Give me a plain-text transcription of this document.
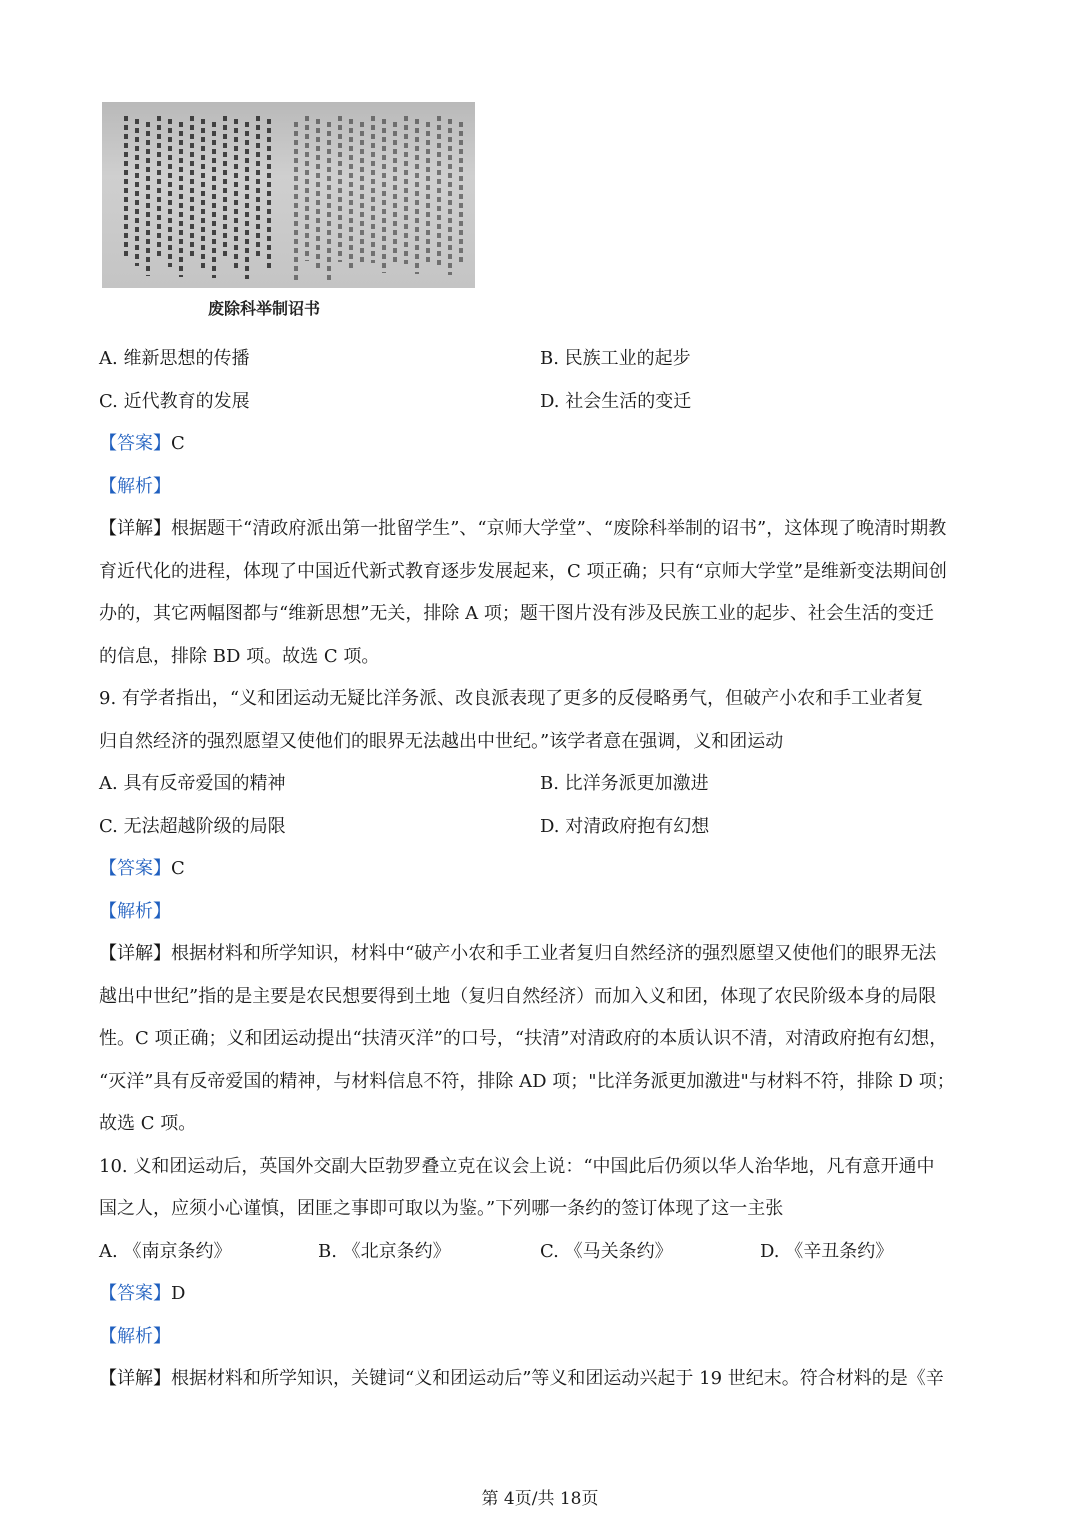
废除科举制诏书
A. 维新思想的传播	B. 民族工业的起步
C. 近代教育的发展	D. 社会生活的变迁
【答案】C
【解析】
【详解】根据题干“清政府派出第一批留学生”、“京师大学堂”、“废除科举制的诏书”，这体现了晚清时期教
育近代化的进程，体现了中国近代新式教育逐步发展起来，C 项正确；只有“京师大学堂”是维新变法期间创
办的，其它两幅图都与“维新思想”无关，排除 A 项；题干图片没有涉及民族工业的起步、社会生活的变迁
的信息，排除 BD 项。故选 C 项。
9. 有学者指出，“义和团运动无疑比洋务派、改良派表现了更多的反侵略勇气，但破产小农和手工业者复
归自然经济的强烈愿望又使他们的眼界无法越出中世纪。”该学者意在强调，义和团运动
A. 具有反帝爱国的精神	B. 比洋务派更加激进
C. 无法超越阶级的局限	D. 对清政府抱有幻想
【答案】C
【解析】
【详解】根据材料和所学知识，材料中“破产小农和手工业者复归自然经济的强烈愿望又使他们的眼界无法
越出中世纪”指的是主要是农民想要得到土地（复归自然经济）而加入义和团，体现了农民阶级本身的局限
性。C 项正确；义和团运动提出“扶清灭洋”的口号，“扶清”对清政府的本质认识不清，对清政府抱有幻想，
“灭洋”具有反帝爱国的精神，与材料信息不符，排除 AD 项；"比洋务派更加激进"与材料不符，排除 D 项；
故选 C 项。
10. 义和团运动后，英国外交副大臣勃罗叠立克在议会上说：“中国此后仍须以华人治华地，凡有意开通中
国之人，应须小心谨慎，团匪之事即可取以为鉴。”下列哪一条约的签订体现了这一主张
A. 《南京条约》	B. 《北京条约》	C. 《马关条约》	D. 《辛丑条约》
【答案】D
【解析】
【详解】根据材料和所学知识，关键词“义和团运动后”等义和团运动兴起于 19 世纪末。符合材料的是《辛
第 4页/共 18页
